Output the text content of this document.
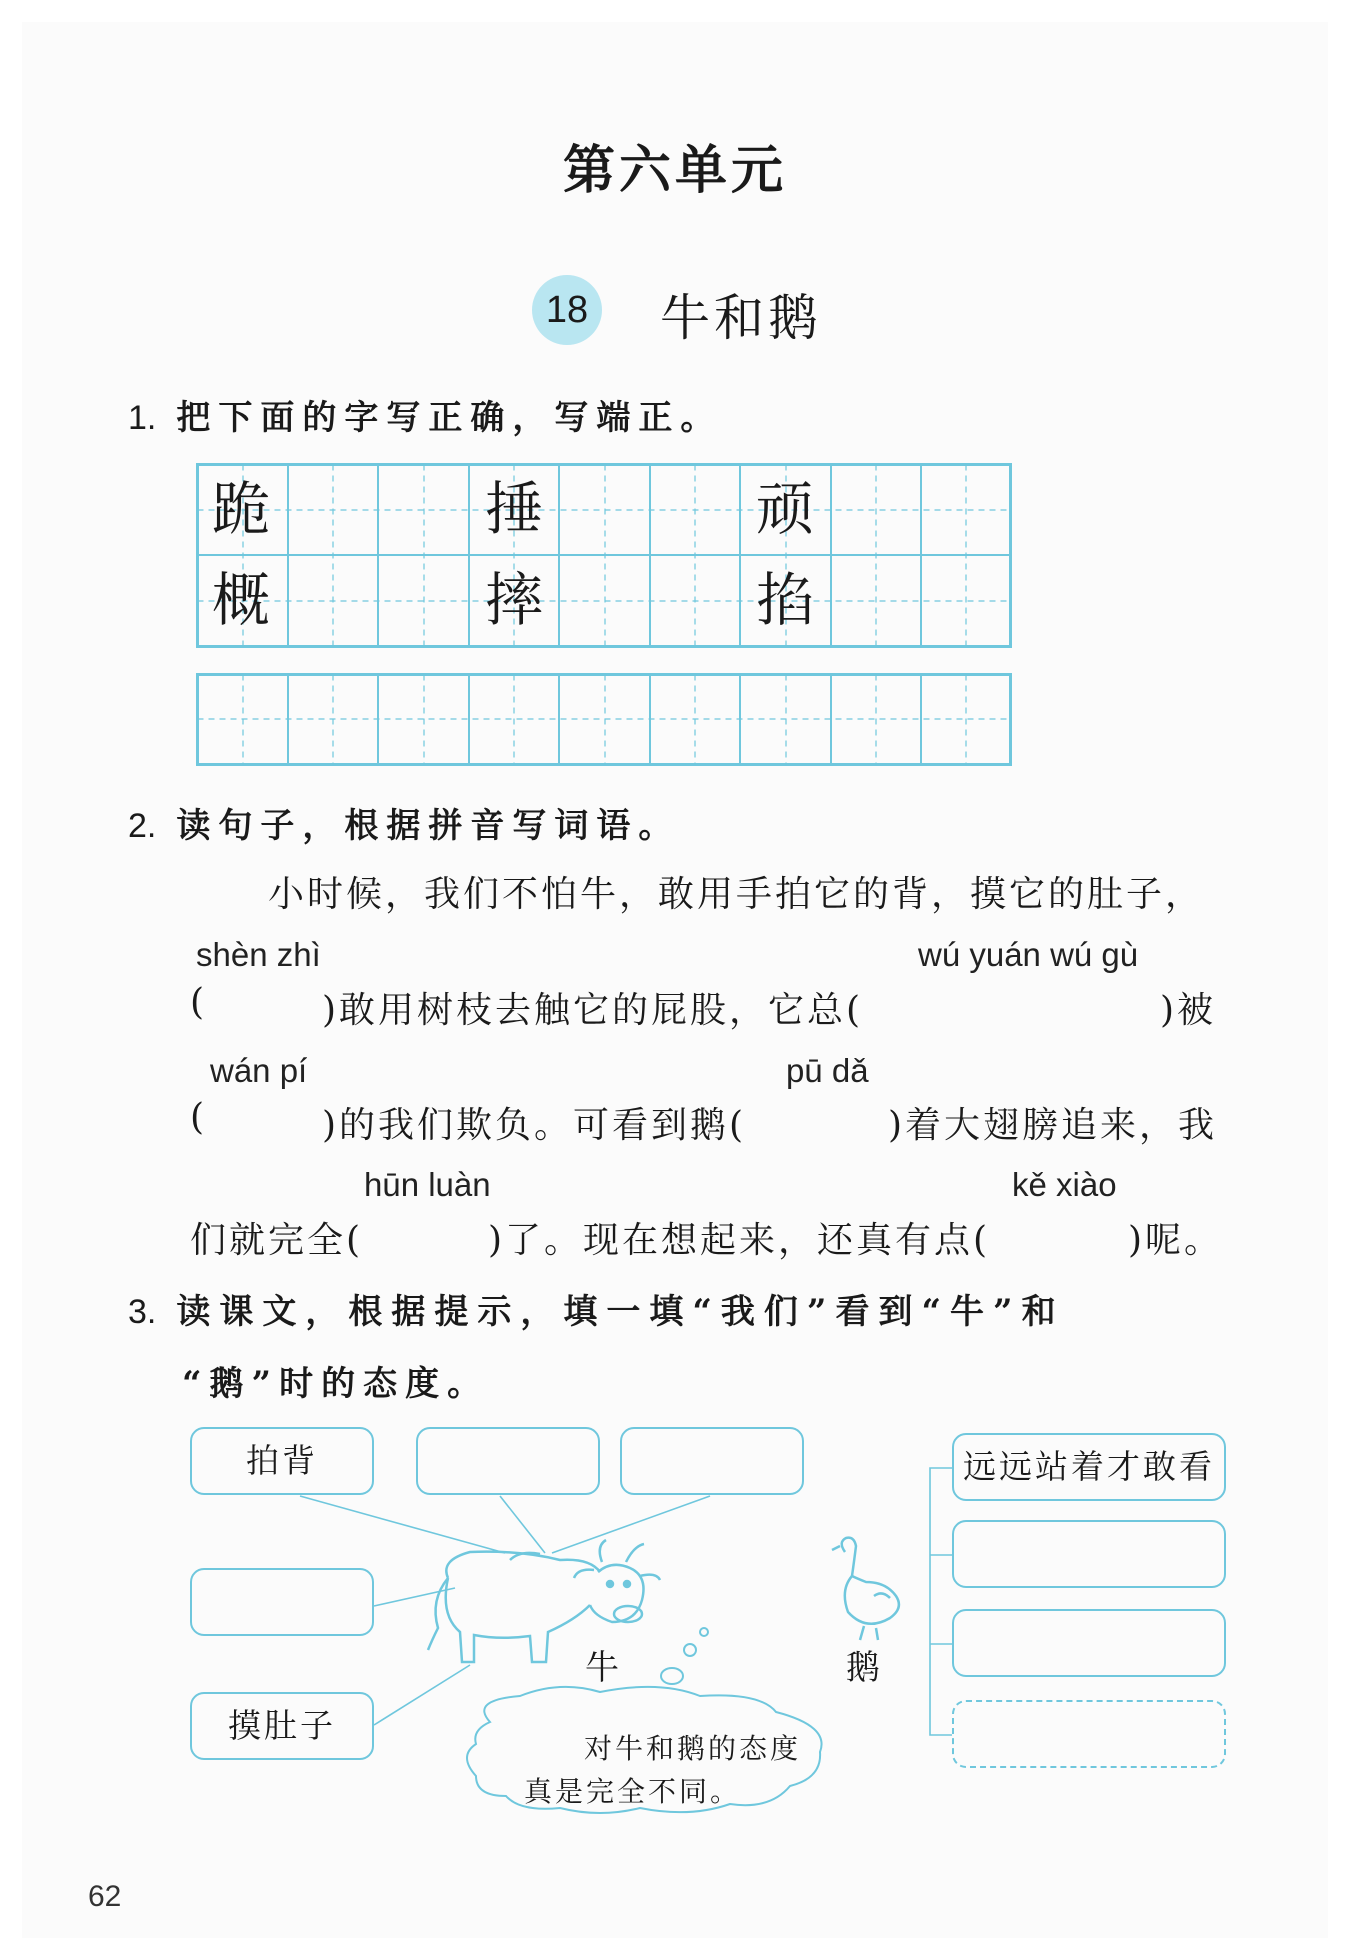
第六单元
18 牛和鹅
1. 把下面的字写正确，写端正。
跪	捶	顽
概	摔	掐
2. 读句子，根据拼音写词语。
小时候，我们不怕牛，敢用手拍它的背，摸它的肚子，
shèn zhì	wú yuán wú gù
(	)敢用树枝去触它的屁股，它总(	)被
wán pí	pū dǎ
(	)的我们欺负。可看到鹅(	)着大翅膀追来，我
hūn luàn	kě xiào
们就完全(	)了。现在想起来，还真有点(	)呢。
3. 读课文，根据提示，填一填“我们”看到“牛”和
“鹅”时的态度。
牛	鹅
拍背
摸肚子
远远站着才敢看
对牛和鹅的态度
真是完全不同。
62
